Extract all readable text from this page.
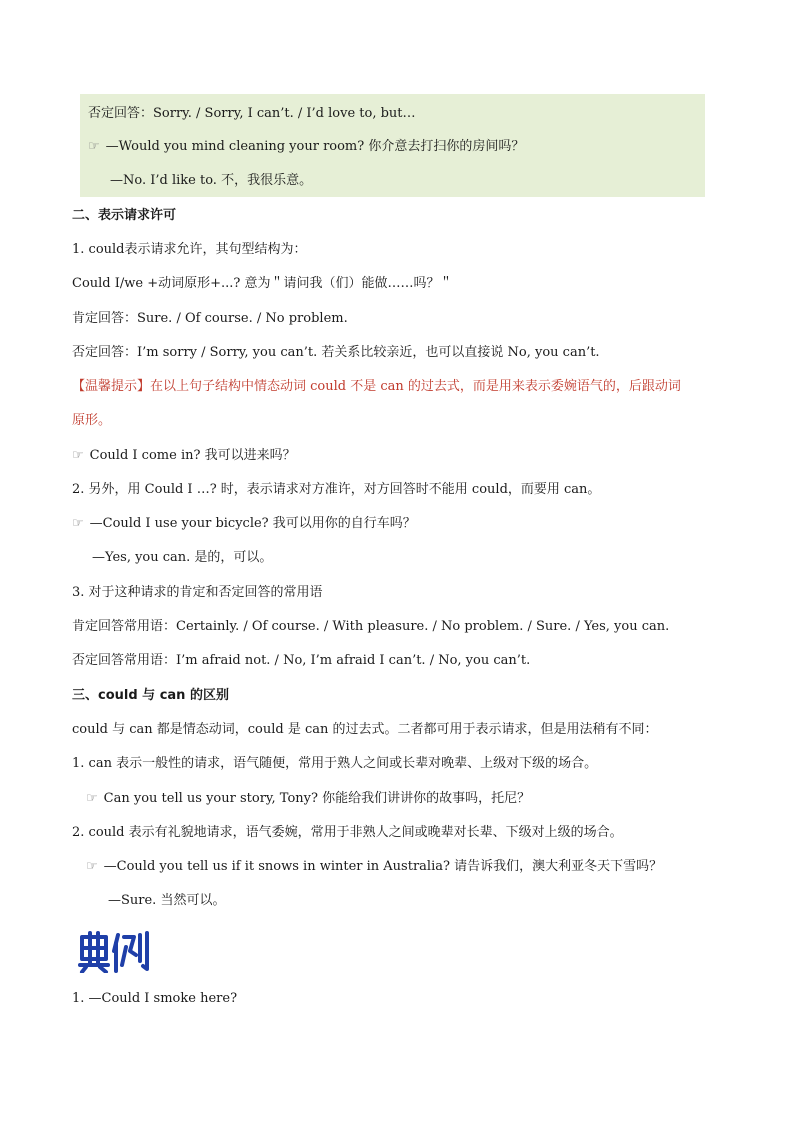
否定回答：Sorry. / Sorry, I can’t. / I’d love to, but…
☞ —Would you mind cleaning your room? 你介意去打扫你的房间吗？
—No. I’d like to. 不，我很乐意。
二、表示请求许可
1. could表示请求允许，其句型结构为：
Could I/we +动词原形+...? 意为＂请问我（们）能做……吗？＂
肯定回答：Sure. / Of course. / No problem.
否定回答：I’m sorry / Sorry, you can’t. 若关系比较亲近，也可以直接说 No, you can’t.
【温馨提示】在以上句子结构中情态动词 could 不是 can 的过去式，而是用来表示委婉语气的，后跟动词
原形。
☞ Could I come in? 我可以进来吗？
2. 另外，用 Could I …? 时，表示请求对方准许，对方回答时不能用 could，而要用 can。
☞ —Could I use your bicycle? 我可以用你的自行车吗？
—Yes, you can. 是的，可以。
3. 对于这种请求的肯定和否定回答的常用语
肯定回答常用语：Certainly. / Of course. / With pleasure. / No problem. / Sure. / Yes, you can.
否定回答常用语：I’m afraid not. / No, I’m afraid I can’t. / No, you can’t.
三、could 与 can 的区别
could 与 can 都是情态动词，could 是 can 的过去式。二者都可用于表示请求，但是用法稍有不同：
1. can 表示一般性的请求，语气随便，常用于熟人之间或长辈对晚辈、上级对下级的场合。
☞ Can you tell us your story, Tony? 你能给我们讲讲你的故事吗，托尼？
2. could 表示有礼貌地请求，语气委婉，常用于非熟人之间或晚辈对长辈、下级对上级的场合。
☞ —Could you tell us if it snows in winter in Australia? 请告诉我们，澳大利亚冬天下雪吗？
—Sure. 当然可以。
1. —Could I smoke here?
